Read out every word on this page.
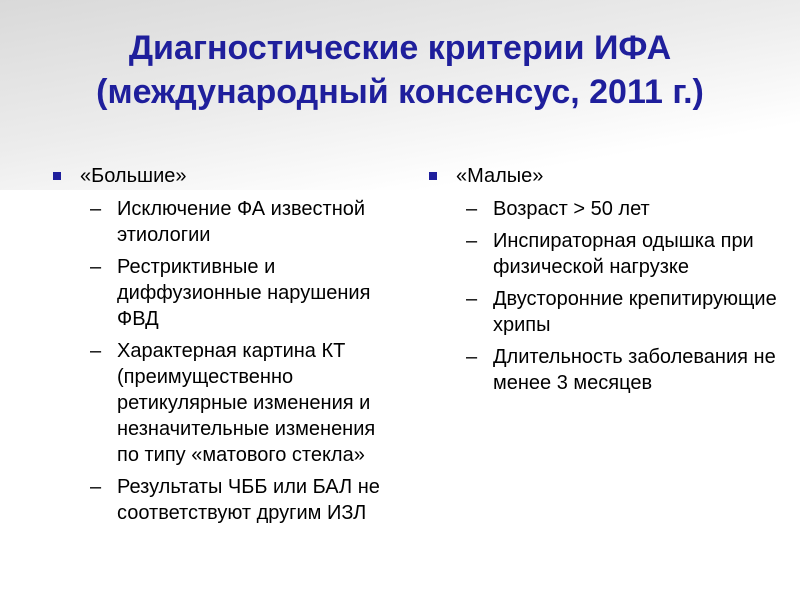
Диагностические критерии ИФА
(международный консенсус, 2011 г.)
«Большие»
– Исключение ФА известной этиологии
– Рестриктивные и диффузионные нарушения ФВД
– Характерная картина КТ (преимущественно ретикулярные изменения и незначительные изменения по типу «матового стекла»
– Результаты ЧББ или БАЛ не соответствуют другим ИЗЛ
«Малые»
– Возраст > 50 лет
– Инспираторная одышка при физической нагрузке
– Двусторонние крепитирующие хрипы
– Длительность заболевания не менее 3 месяцев
